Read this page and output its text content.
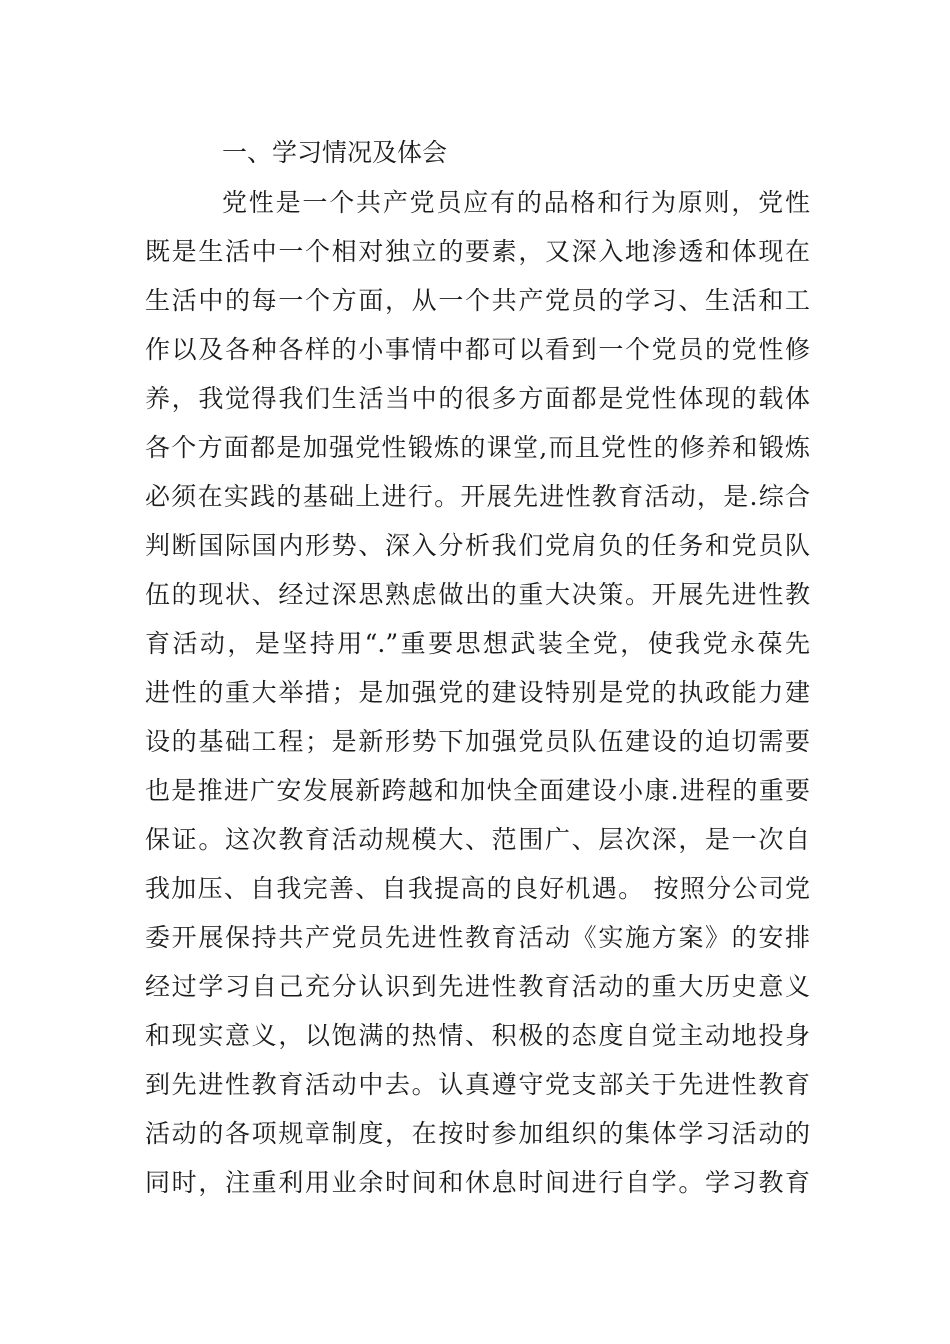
一、学习情况及体会
党性是一个共产党员应有的品格和行为原则，党性
既是生活中一个相对独立的要素，又深入地渗透和体现在
生活中的每一个方面，从一个共产党员的学习、生活和工
作以及各种各样的小事情中都可以看到一个党员的党性修
养，我觉得我们生活当中的很多方面都是党性体现的载体
各个方面都是加强党性锻炼的课堂,而且党性的修养和锻炼
必须在实践的基础上进行。开展先进性教育活动，是.综合
判断国际国内形势、深入分析我们党肩负的任务和党员队
伍的现状、经过深思熟虑做出的重大决策。开展先进性教
育活动，是坚持用“.”重要思想武装全党，使我党永葆先
进性的重大举措；是加强党的建设特别是党的执政能力建
设的基础工程；是新形势下加强党员队伍建设的迫切需要
也是推进广安发展新跨越和加快全面建设小康.进程的重要
保证。这次教育活动规模大、范围广、层次深，是一次自
我加压、自我完善、自我提高的良好机遇。 按照分公司党
委开展保持共产党员先进性教育活动《实施方案》的安排
经过学习自己充分认识到先进性教育活动的重大历史意义
和现实意义，以饱满的热情、积极的态度自觉主动地投身
到先进性教育活动中去。认真遵守党支部关于先进性教育
活动的各项规章制度，在按时参加组织的集体学习活动的
同时，注重利用业余时间和休息时间进行自学。学习教育
